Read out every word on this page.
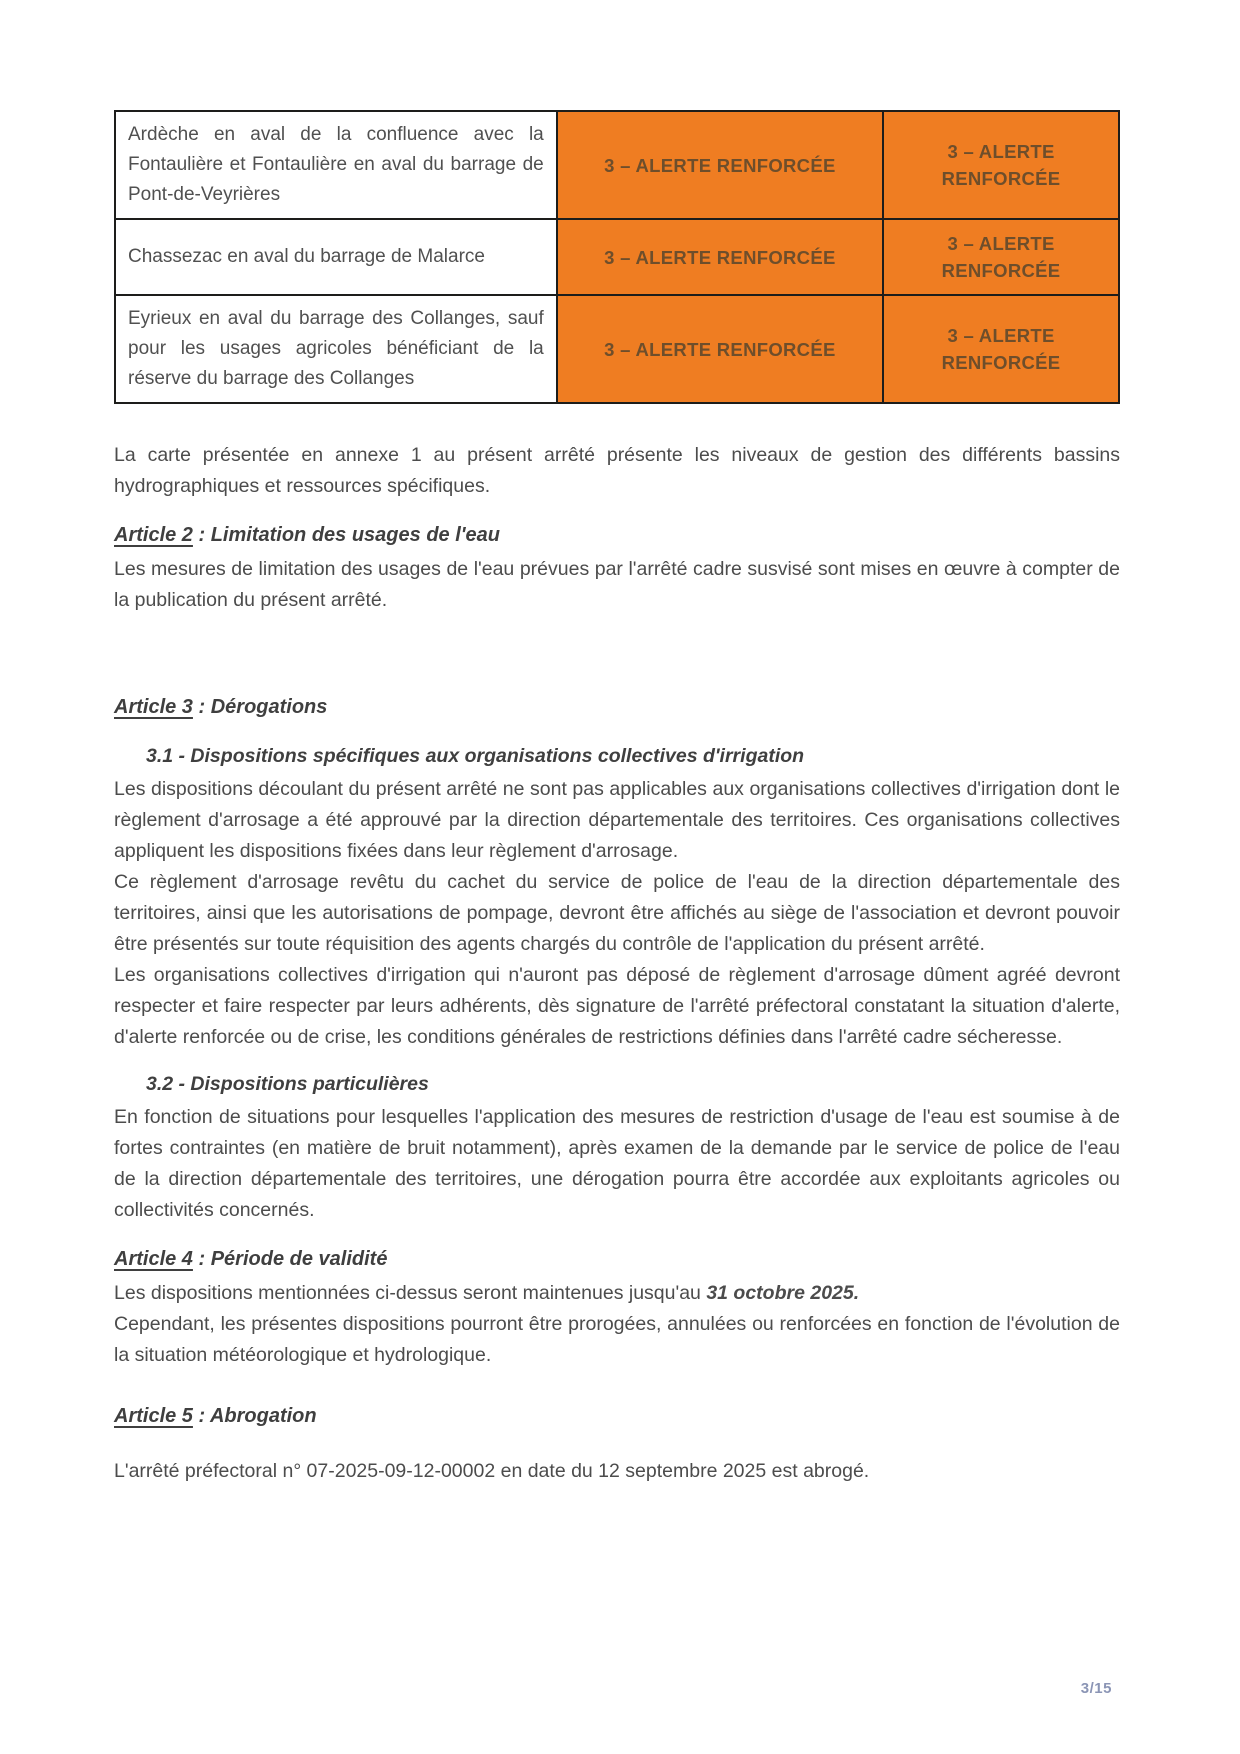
Ardèche en aval de la confluence avec la Fontaulière et Fontaulière en aval du barrage de Pont-de-Veyrières	3 – ALERTE RENFORCÉE	3 – ALERTE RENFORCÉE
Chassezac en aval du barrage de Malarce	3 – ALERTE RENFORCÉE	3 – ALERTE RENFORCÉE
Eyrieux en aval du barrage des Collanges, sauf pour les usages agricoles bénéficiant de la réserve du barrage des Collanges	3 – ALERTE RENFORCÉE	3 – ALERTE RENFORCÉE

La carte présentée en annexe 1 au présent arrêté présente les niveaux de gestion des différents bassins hydrographiques et ressources spécifiques.

Article 2 : Limitation des usages de l'eau

Les mesures de limitation des usages de l'eau prévues par l'arrêté cadre susvisé sont mises en œuvre à compter de la publication du présent arrêté.

Article 3 : Dérogations
3.1 - Dispositions spécifiques aux organisations collectives d'irrigation

Les dispositions découlant du présent arrêté ne sont pas applicables aux organisations collectives d'irrigation dont le règlement d'arrosage a été approuvé par la direction départementale des territoires. Ces organisations collectives appliquent les dispositions fixées dans leur règlement d'arrosage.

Ce règlement d'arrosage revêtu du cachet du service de police de l'eau de la direction départementale des territoires, ainsi que les autorisations de pompage, devront être affichés au siège de l'association et devront pouvoir être présentés sur toute réquisition des agents chargés du contrôle de l'application du présent arrêté.

Les organisations collectives d'irrigation qui n'auront pas déposé de règlement d'arrosage dûment agréé devront respecter et faire respecter par leurs adhérents, dès signature de l'arrêté préfectoral constatant la situation d'alerte, d'alerte renforcée ou de crise, les conditions générales de restrictions définies dans l'arrêté cadre sécheresse.

3.2 - Dispositions particulières

En fonction de situations pour lesquelles l'application des mesures de restriction d'usage de l'eau est soumise à de fortes contraintes (en matière de bruit notamment), après examen de la demande par le service de police de l'eau de la direction départementale des territoires, une dérogation pourra être accordée aux exploitants agricoles ou collectivités concernés.

Article 4 : Période de validité

Les dispositions mentionnées ci-dessus seront maintenues jusqu'au 31 octobre 2025.

Cependant, les présentes dispositions pourront être prorogées, annulées ou renforcées en fonction de l'évolution de la situation météorologique et hydrologique.

Article 5 : Abrogation

L'arrêté préfectoral n° 07-2025-09-12-00002 en date du 12 septembre 2025 est abrogé.

3/15
